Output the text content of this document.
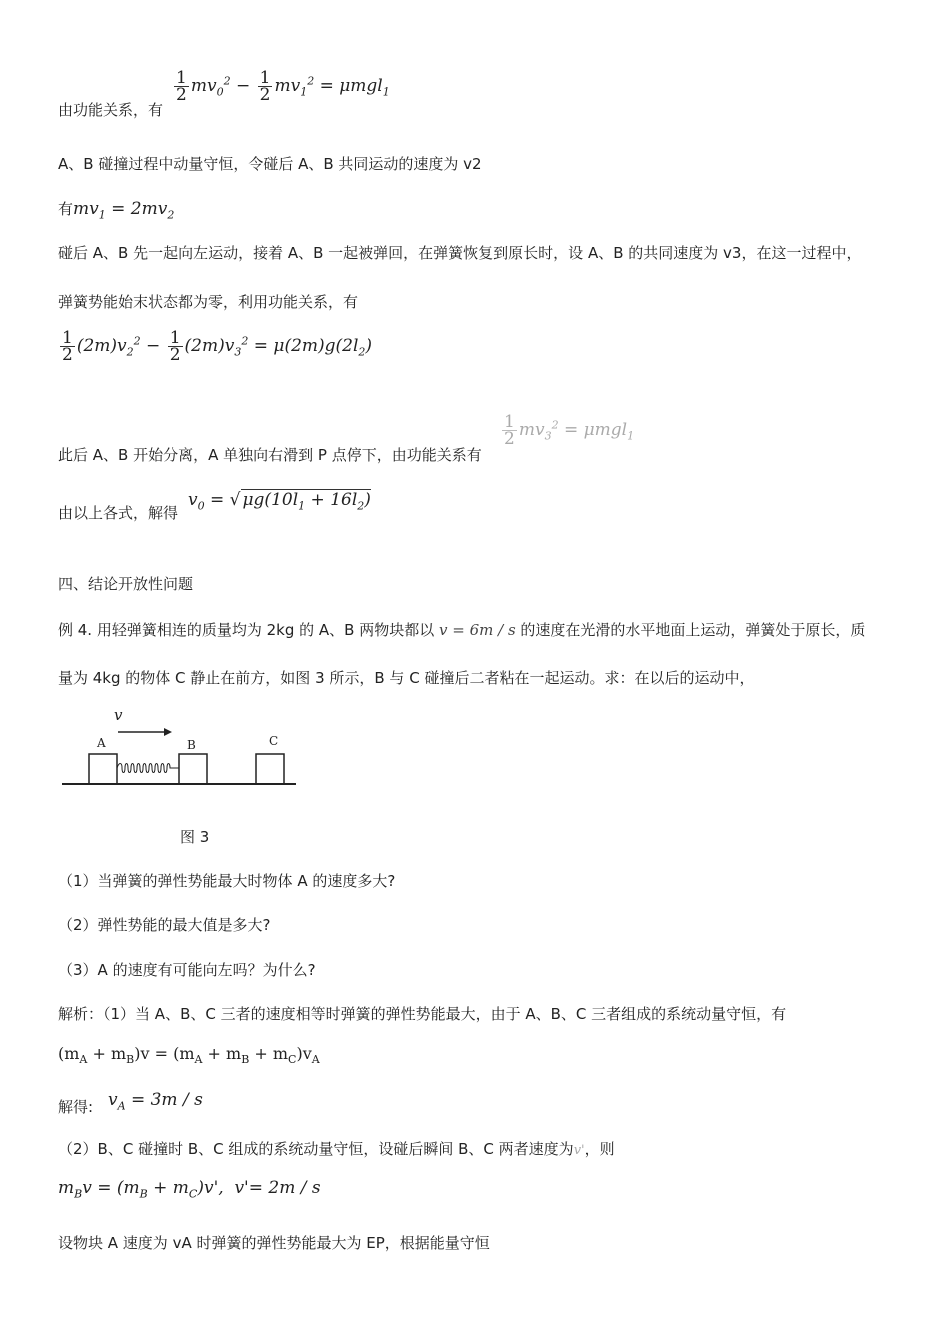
由功能关系，有
$\frac{1}{2} mv_0^2 - \frac{1}{2} mv_1^2 = \mu mgl_1$
A、B 碰撞过程中动量守恒，令碰后 A、B 共同运动的速度为 v2
有$mv_1 = 2mv_2$
碰后 A、B 先一起向左运动，接着 A、B 一起被弹回，在弹簧恢复到原长时，设 A、B 的共同速度为 v3，在这一过程中，
弹簧势能始末状态都为零，利用功能关系，有
$\frac{1}{2} (2m)v_2^2 - \frac{1}{2} (2m)v_3^2 = \mu(2m)g(2l_2)$
此后 A、B 开始分离，A 单独向右滑到 P 点停下，由功能关系有
$\frac{1}{2} mv_3^2 = \mu mgl_1$
由以上各式，解得
$v_0$ = √ $\mu g(10l_1 + 16l_2)$
四、结论开放性问题
例 4. 用轻弹簧相连的质量均为 2kg 的 A、B 两物块都以 v = 6m / s 的速度在光滑的水平地面上运动，弹簧处于原长，质
量为 4kg 的物体 C 静止在前方，如图 3 所示，B 与 C 碰撞后二者粘在一起运动。求：在以后的运动中，
v
A	B	C
图 3
（1）当弹簧的弹性势能最大时物体 A 的速度多大?
（2）弹性势能的最大值是多大?
（3）A 的速度有可能向左吗？为什么?
解析：（1）当 A、B、C 三者的速度相等时弹簧的弹性势能最大，由于 A、B、C 三者组成的系统动量守恒，有
$(m_A + m_B)v = (m_A + m_B + m_C)v_A$
解得: $v_A = 3m / s$
（2）B、C 碰撞时 B、C 组成的系统动量守恒，设碰后瞬间 B、C 两者速度为v'，则
$m_Bv = (m_B + m_C)v'$,  v'= 2m / s
设物块 A 速度为 vA 时弹簧的弹性势能最大为 EP，根据能量守恒
